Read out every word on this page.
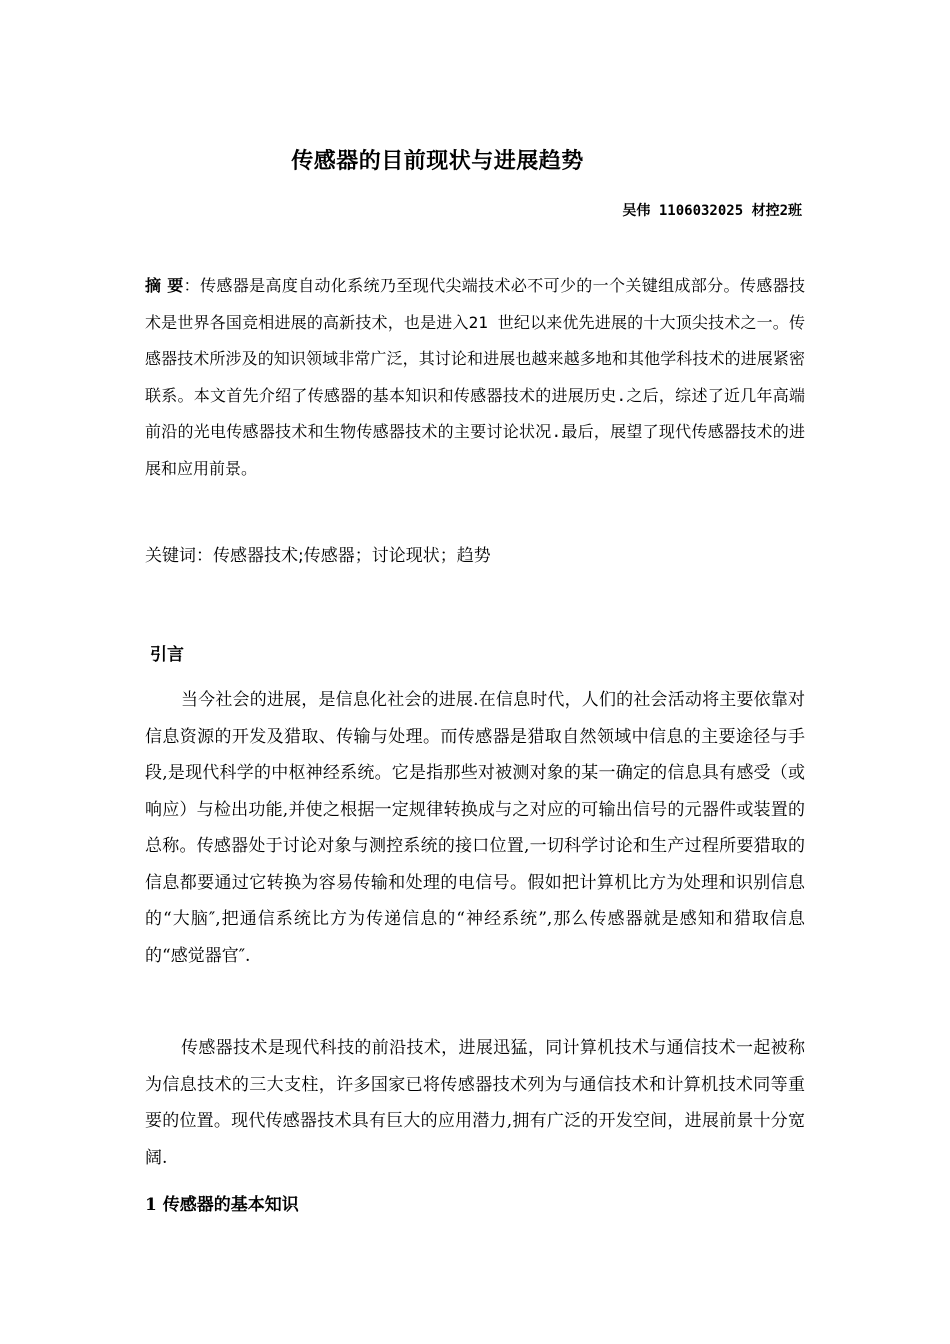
传感器的目前现状与进展趋势
吴伟 1106032025 材控2班
摘 要：传感器是高度自动化系统乃至现代尖端技术必不可少的一个关键组成部分。传感器技术是世界各国竞相进展的高新技术，也是进入21 世纪以来优先进展的十大顶尖技术之一。传感器技术所涉及的知识领域非常广泛，其讨论和进展也越来越多地和其他学科技术的进展紧密联系。本文首先介绍了传感器的基本知识和传感器技术的进展历史.之后，综述了近几年高端前沿的光电传感器技术和生物传感器技术的主要讨论状况.最后，展望了现代传感器技术的进展和应用前景。
关键词：传感器技术;传感器；讨论现状；趋势
引言

当今社会的进展，是信息化社会的进展.在信息时代，人们的社会活动将主要依靠对信息资源的开发及猎取、传输与处理。而传感器是猎取自然领域中信息的主要途径与手段,是现代科学的中枢神经系统。它是指那些对被测对象的某一确定的信息具有感受（或响应）与检出功能,并使之根据一定规律转换成与之对应的可输出信号的元器件或装置的总称。传感器处于讨论对象与测控系统的接口位置,一切科学讨论和生产过程所要猎取的信息都要通过它转换为容易传输和处理的电信号。假如把计算机比方为处理和识别信息的“大脑″,把通信系统比方为传递信息的“神经系统”,那么传感器就是感知和猎取信息的“感觉器官″.

传感器技术是现代科技的前沿技术，进展迅猛，同计算机技术与通信技术一起被称为信息技术的三大支柱，许多国家已将传感器技术列为与通信技术和计算机技术同等重要的位置。现代传感器技术具有巨大的应用潜力,拥有广泛的开发空间，进展前景十分宽阔.

1 传感器的基本知识
